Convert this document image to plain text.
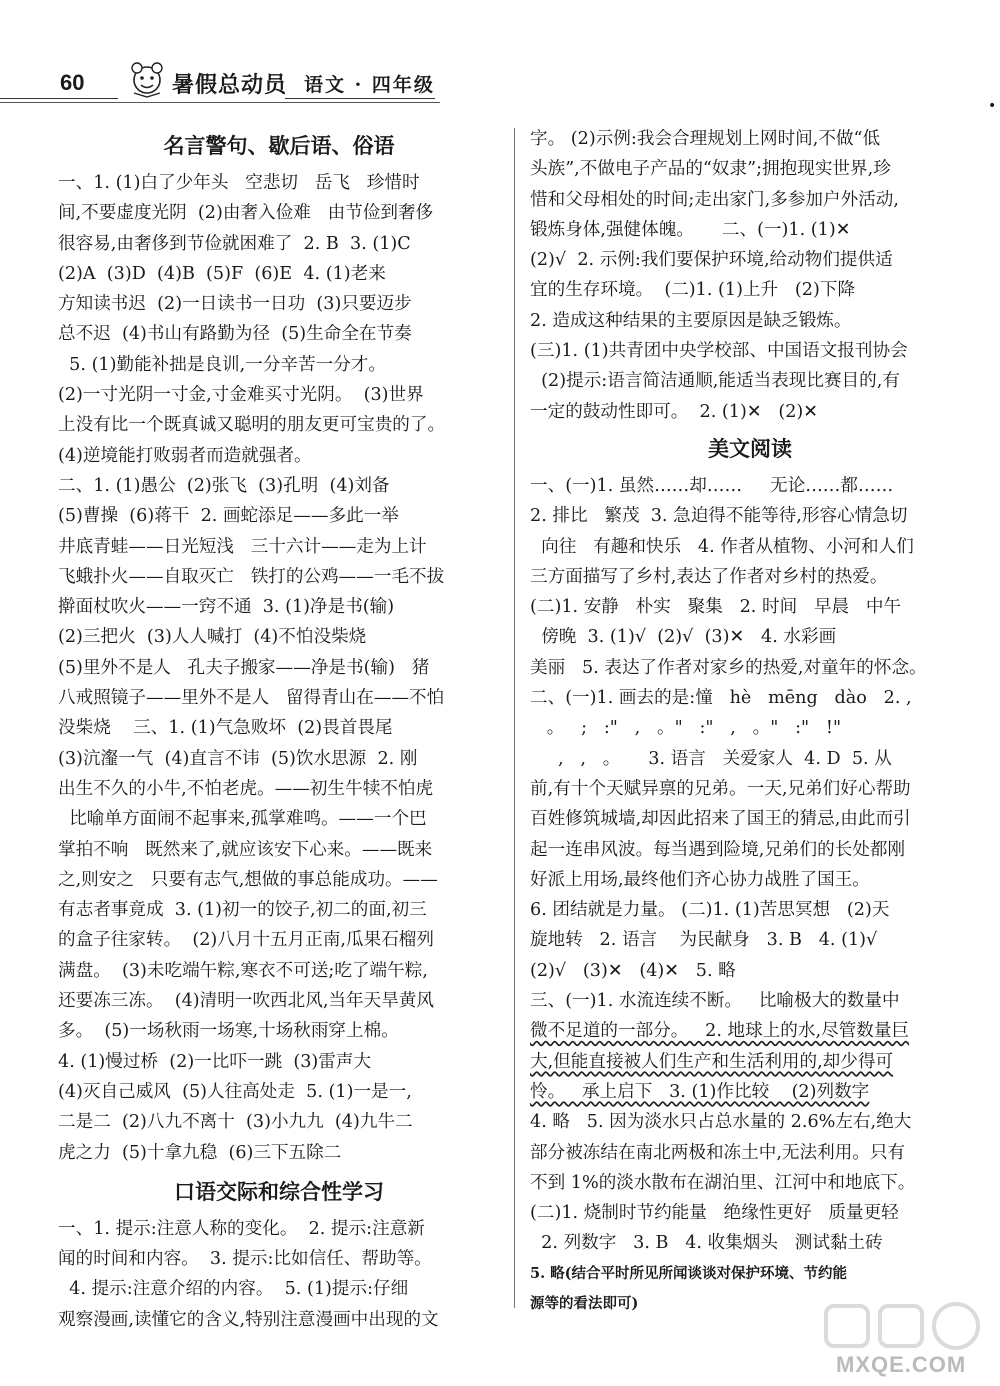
60	暑假总动员 语文 · 四年级
•
名言警句、歇后语、俗语
一、1. (1)白了少年头   空悲切   岳飞   珍惜时
间,不要虚度光阴  (2)由奢入俭难   由节俭到奢侈
很容易,由奢侈到节俭就困难了  2. B  3. (1)C
(2)A  (3)D  (4)B  (5)F  (6)E  4. (1)老来
方知读书迟  (2)一日读书一日功  (3)只要迈步
总不迟  (4)书山有路勤为径  (5)生命全在节奏
5. (1)勤能补拙是良训,一分辛苦一分才。
(2)一寸光阴一寸金,寸金难买寸光阴。  (3)世界
上没有比一个既真诚又聪明的朋友更可宝贵的了。
(4)逆境能打败弱者而造就强者。
二、1. (1)愚公  (2)张飞  (3)孔明  (4)刘备
(5)曹操  (6)蒋干  2. 画蛇添足——多此一举
井底青蛙——日光短浅   三十六计——走为上计
飞蛾扑火——自取灭亡   铁打的公鸡——一毛不拔
擀面杖吹火——一窍不通  3. (1)净是书(输)
(2)三把火  (3)人人喊打  (4)不怕没柴烧
(5)里外不是人   孔夫子搬家——净是书(输)   猪
八戒照镜子——里外不是人   留得青山在——不怕
没柴烧    三、1. (1)气急败坏  (2)畏首畏尾
(3)沆瀣一气  (4)直言不讳  (5)饮水思源  2. 刚
出生不久的小牛,不怕老虎。——初生牛犊不怕虎
比喻单方面闹不起事来,孤掌难鸣。——一个巴
掌拍不响   既然来了,就应该安下心来。——既来
之,则安之   只要有志气,想做的事总能成功。——
有志者事竟成  3. (1)初一的饺子,初二的面,初三
的盒子往家转。  (2)八月十五月正南,瓜果石榴列
满盘。  (3)未吃端午粽,寒衣不可送;吃了端午粽,
还要冻三冻。  (4)清明一吹西北风,当年天旱黄风
多。  (5)一场秋雨一场寒,十场秋雨穿上棉。
4. (1)慢过桥  (2)一比吓一跳  (3)雷声大
(4)灭自己威风  (5)人往高处走  5. (1)一是一,
二是二  (2)八九不离十  (3)小九九  (4)九牛二
虎之力  (5)十拿九稳  (6)三下五除二
口语交际和综合性学习
一、1. 提示:注意人称的变化。  2. 提示:注意新
闻的时间和内容。  3. 提示:比如信任、帮助等。
4. 提示:注意介绍的内容。  5. (1)提示:仔细
观察漫画,读懂它的含义,特别注意漫画中出现的文
字。 (2)示例:我会合理规划上网时间,不做“低
头族”,不做电子产品的“奴隶”;拥抱现实世界,珍
惜和父母相处的时间;走出家门,多参加户外活动,
锻炼身体,强健体魄。     二、(一)1. (1)✕
(2)√  2. 示例:我们要保护环境,给动物们提供适
宜的生存环境。  (二)1. (1)上升   (2)下降
2. 造成这种结果的主要原因是缺乏锻炼。
(三)1. (1)共青团中央学校部、中国语文报刊协会
(2)提示:语言简洁通顺,能适当表现比赛目的,有
一定的鼓动性即可。  2. (1)✕   (2)✕
美文阅读
一、(一)1. 虽然……却……     无论……都……
2. 排比   繁茂  3. 急迫得不能等待,形容心情急切
向往   有趣和快乐   4. 作者从植物、小河和人们
三方面描写了乡村,表达了作者对乡村的热爱。
(二)1. 安静   朴实   聚集   2. 时间   早晨   中午
傍晚  3. (1)√  (2)√  (3)✕   4. 水彩画
美丽   5. 表达了作者对家乡的热爱,对童年的怀念。
二、(一)1. 画去的是:憧   hè   mēng   dào   2. ,
。   ;   :"   ,   。"   :"   ,   。"   :"   !"
,   ,   。     3. 语言   关爱家人  4. D  5. 从
前,有十个天赋异禀的兄弟。一天,兄弟们好心帮助
百姓修筑城墙,却因此招来了国王的猜忌,由此而引
起一连串风波。每当遇到险境,兄弟们的长处都刚
好派上用场,最终他们齐心协力战胜了国王。
6. 团结就是力量。 (二)1. (1)苦思冥想   (2)天
旋地转   2. 语言    为民献身   3. B   4. (1)√
(2)√   (3)✕   (4)✕   5. 略
三、(一)1. 水流连续不断。   比喻极大的数量中
微不足道的一部分。   2. 地球上的水,尽管数量巨
大,但能直接被人们生产和生活利用的,却少得可
怜。   承上启下   3. (1)作比较    (2)列数字
4. 略   5. 因为淡水只占总水量的 2.6%左右,绝大
部分被冻结在南北两极和冻土中,无法利用。只有
不到 1%的淡水散布在湖泊里、江河中和地底下。
(二)1. 烧制时节约能量   绝缘性更好   质量更轻
2. 列数字   3. B   4. 收集烟头   测试黏土砖
5. 略(结合平时所见所闻谈谈对保护环境、节约能
源等的看法即可)
MXQE.COM
